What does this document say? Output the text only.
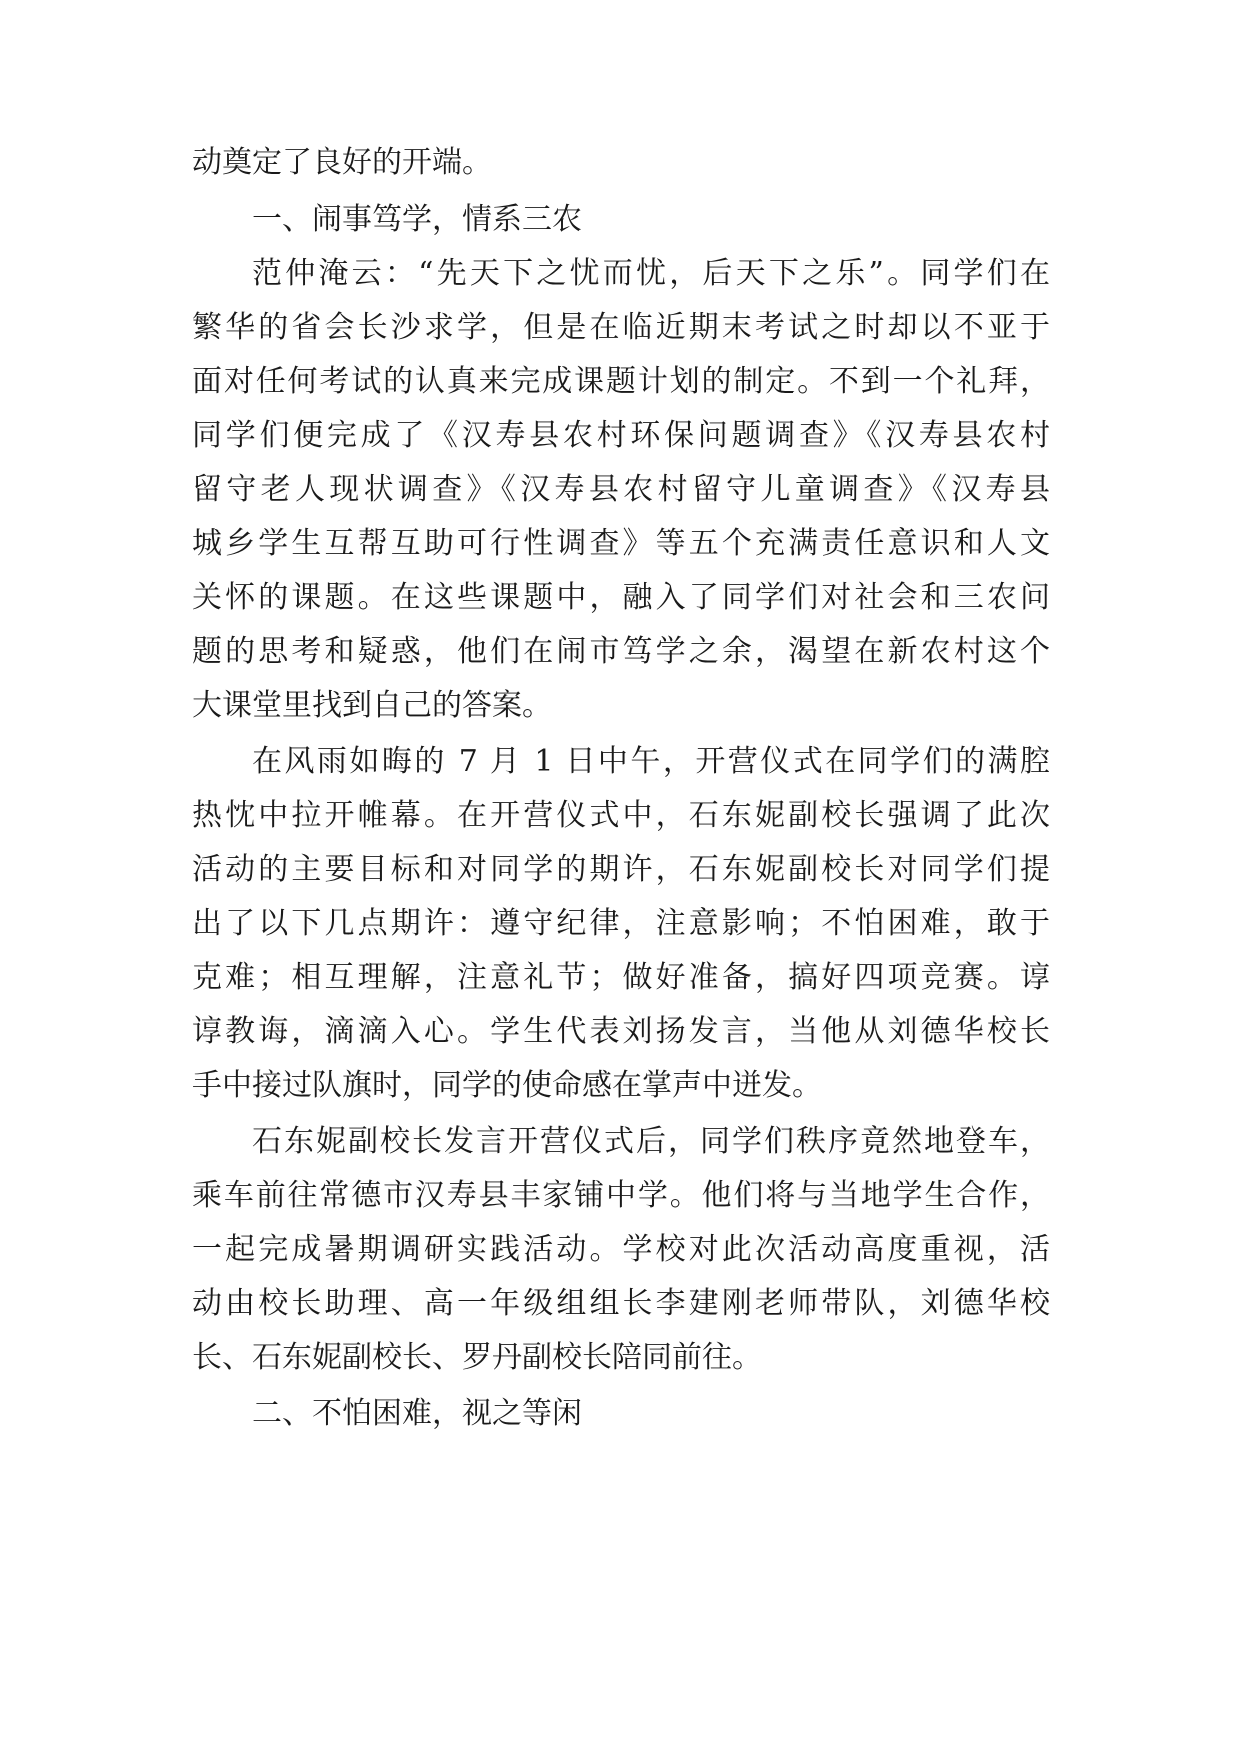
动奠定了良好的开端。
一、闹事笃学，情系三农
范仲淹云：“先天下之忧而忧，后天下之乐”。同学们在
繁华的省会长沙求学，但是在临近期末考试之时却以不亚于
面对任何考试的认真来完成课题计划的制定。不到一个礼拜，
同学们便完成了《汉寿县农村环保问题调查》《汉寿县农村
留守老人现状调查》《汉寿县农村留守儿童调查》《汉寿县
城乡学生互帮互助可行性调查》等五个充满责任意识和人文
关怀的课题。在这些课题中，融入了同学们对社会和三农问
题的思考和疑惑，他们在闹市笃学之余，渴望在新农村这个
大课堂里找到自己的答案。
在风雨如晦的 7 月 1 日中午，开营仪式在同学们的满腔
热忱中拉开帷幕。在开营仪式中，石东妮副校长强调了此次
活动的主要目标和对同学的期许，石东妮副校长对同学们提
出了以下几点期许：遵守纪律，注意影响；不怕困难，敢于
克难；相互理解，注意礼节；做好准备，搞好四项竞赛。谆
谆教诲，滴滴入心。学生代表刘扬发言，当他从刘德华校长
手中接过队旗时，同学的使命感在掌声中迸发。
石东妮副校长发言开营仪式后，同学们秩序竟然地登车，
乘车前往常德市汉寿县丰家铺中学。他们将与当地学生合作，
一起完成暑期调研实践活动。学校对此次活动高度重视，活
动由校长助理、高一年级组组长李建刚老师带队，刘德华校
长、石东妮副校长、罗丹副校长陪同前往。
二、不怕困难，视之等闲
